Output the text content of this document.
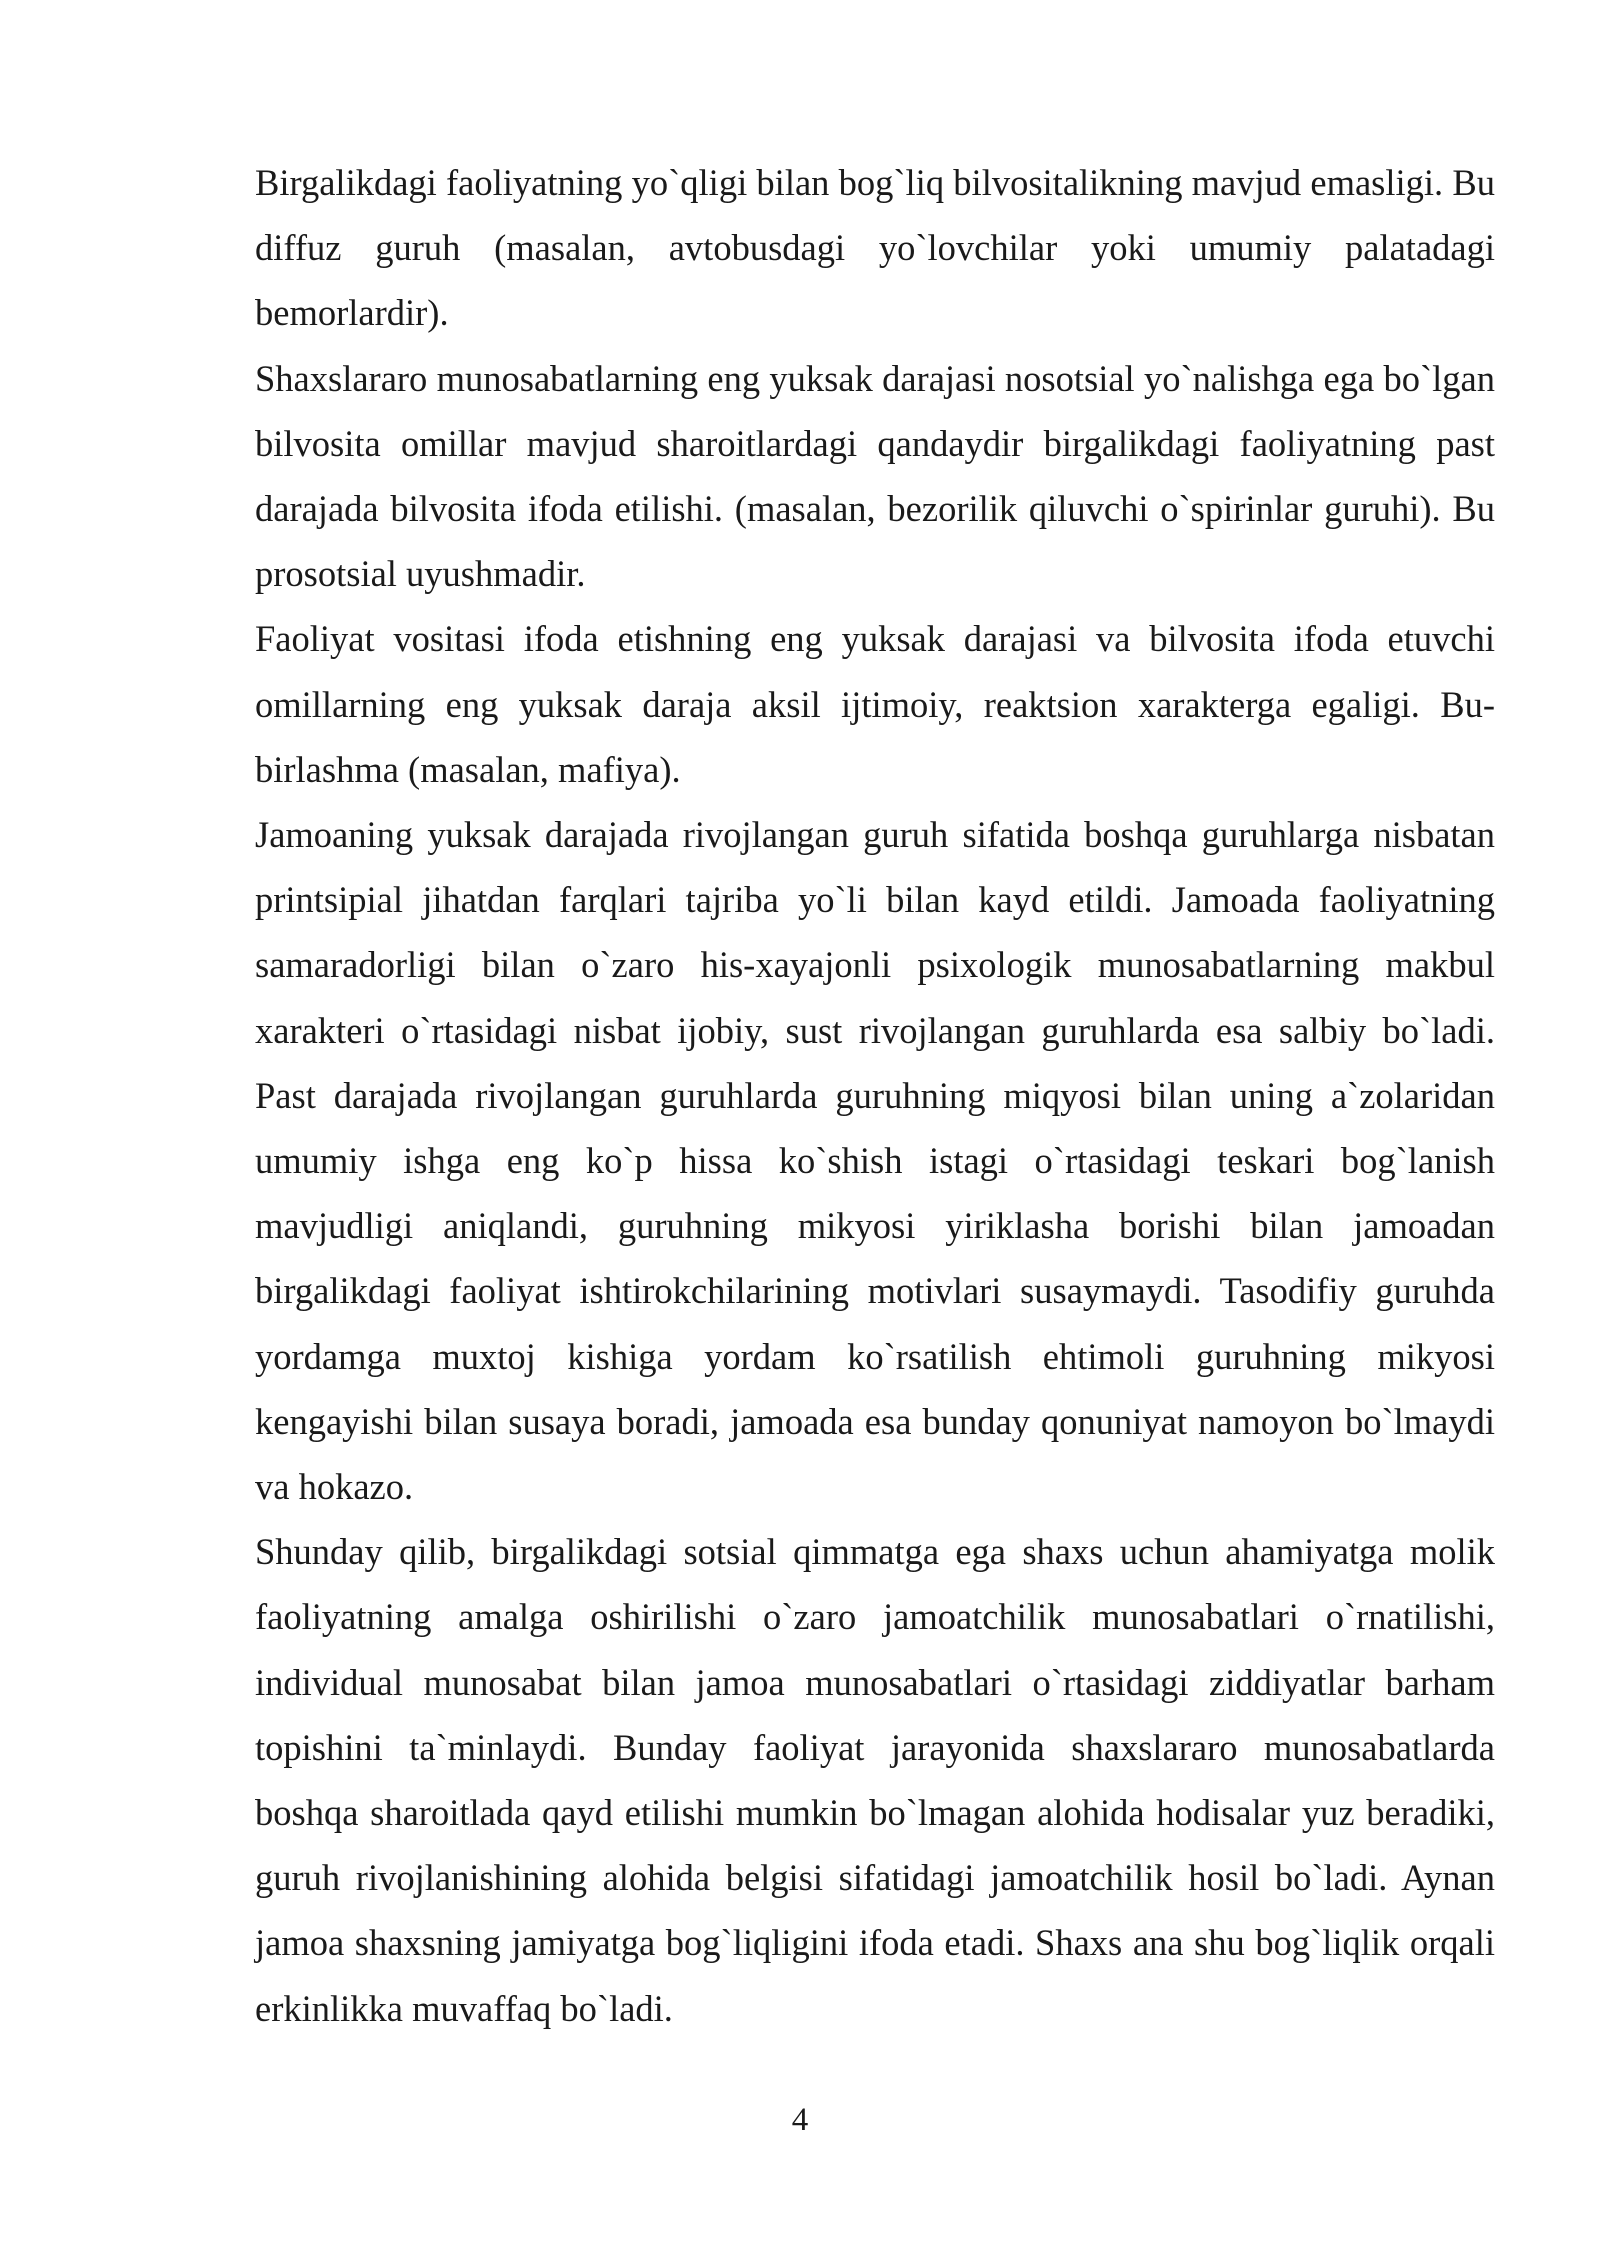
Birgalikdagi faoliyatning yo`qligi bilan bog`liq bilvositalikning mavjud emasligi. Bu diffuz guruh (masalan, avtobusdagi yo`lovchilar yoki umumiy palatadagi bemorlardir).

Shaxslararo munosabatlarning eng yuksak darajasi nosotsial yo`nalishga ega bo`lgan bilvosita omillar mavjud sharoitlardagi qandaydir birgalikdagi faoliyatning past darajada bilvosita ifoda etilishi. (masalan, bezorilik qiluvchi o`spirinlar guruhi). Bu prosotsial uyushmadir.

Faoliyat vositasi ifoda etishning eng yuksak darajasi va bilvosita ifoda etuvchi omillarning eng yuksak daraja aksil ijtimoiy, reaktsion xarakterga egaligi. Bu-birlashma (masalan, mafiya).

Jamoaning yuksak darajada rivojlangan guruh sifatida boshqa guruhlarga nisbatan printsipial jihatdan farqlari tajriba yo`li bilan kayd etildi. Jamoada faoliyatning samaradorligi bilan o`zaro his-xayajonli psixologik munosabatlarning makbul xarakteri o`rtasidagi nisbat ijobiy, sust rivojlangan guruhlarda esa salbiy bo`ladi. Past darajada rivojlangan guruhlarda guruhning miqyosi bilan uning a`zolaridan umumiy ishga eng ko`p hissa ko`shish istagi o`rtasidagi teskari bog`lanish mavjudligi aniqlandi, guruhning mikyosi yiriklasha borishi bilan jamoadan birgalikdagi faoliyat ishtirokchilarining motivlari susaymaydi. Tasodifiy guruhda yordamga muxtoj kishiga yordam ko`rsatilish ehtimoli guruhning mikyosi kengayishi bilan susaya boradi, jamoada esa bunday qonuniyat namoyon bo`lmaydi va hokazo.

Shunday qilib, birgalikdagi sotsial qimmatga ega shaxs uchun ahamiyatga molik faoliyatning amalga oshirilishi o`zaro jamoatchilik munosabatlari o`rnatilishi, individual munosabat bilan jamoa munosabatlari o`rtasidagi ziddiyatlar barham topishini ta`minlaydi. Bunday faoliyat jarayonida shaxslararo munosabatlarda boshqa sharoitlada qayd etilishi mumkin bo`lmagan alohida hodisalar yuz beradiki, guruh rivojlanishining alohida belgisi sifatidagi jamoatchilik hosil bo`ladi. Aynan jamoa shaxsning jamiyatga bog`liqligini ifoda etadi. Shaxs ana shu bog`liqlik orqali erkinlikka muvaffaq bo`ladi.

4
